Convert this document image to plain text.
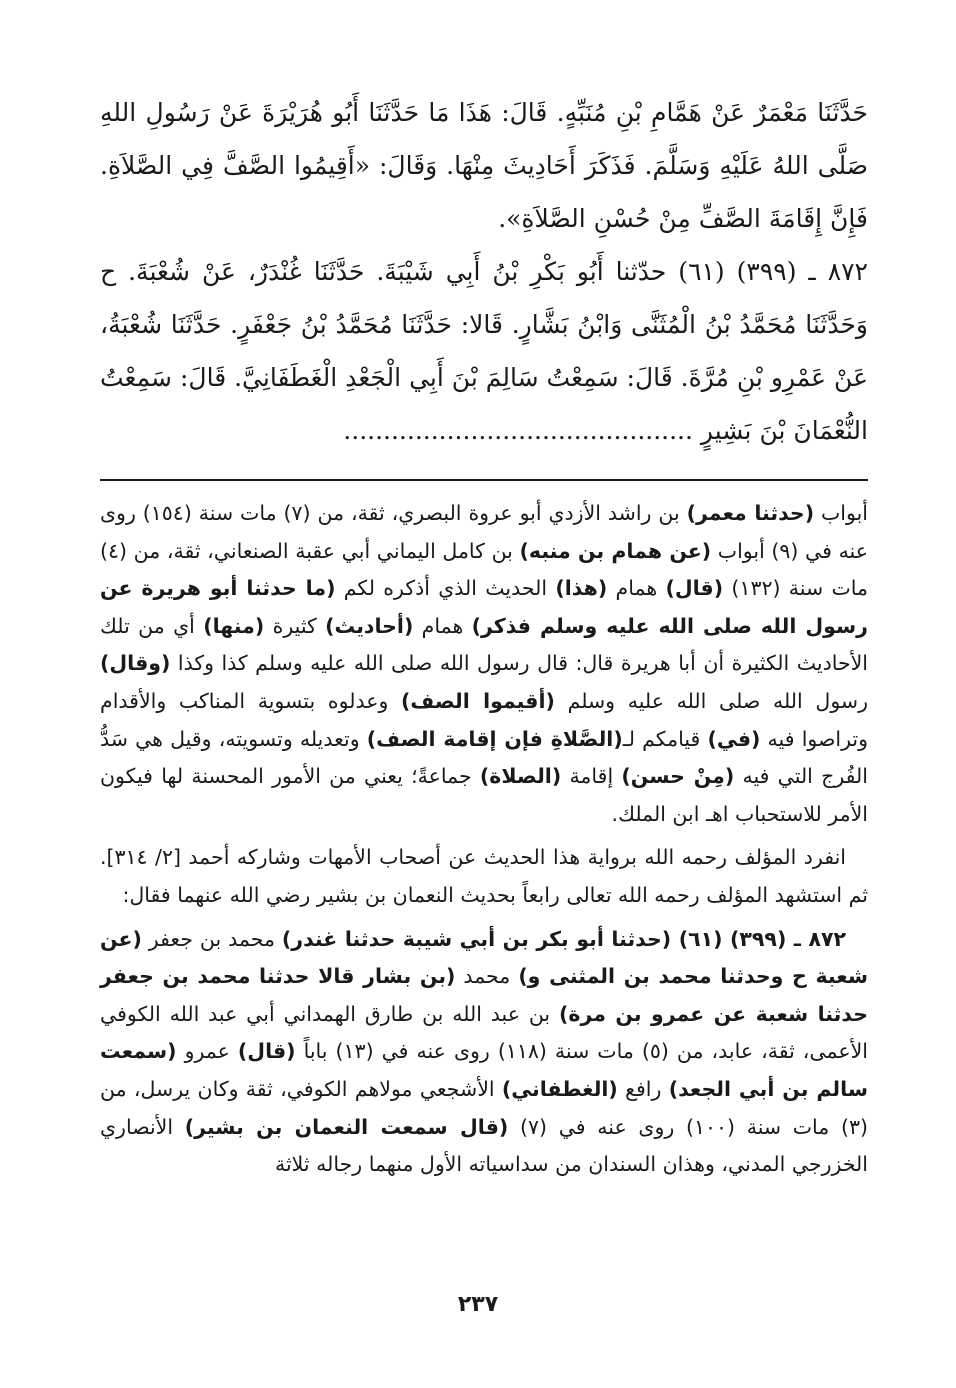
حَدَّثَنَا مَعْمَرٌ عَنْ هَمَّامِ بْنِ مُنَبِّهٍ. قَالَ: هَذَا مَا حَدَّثَنَا أَبُو هُرَيْرَةَ عَنْ رَسُولِ اللهِ صَلَّى اللهُ عَلَيْهِ وَسَلَّمَ. فَذَكَرَ أَحَادِيثَ مِنْهَا. وَقَالَ: «أَقِيمُوا الصَّفَّ فِي الصَّلاَةِ. فَإِنَّ إِقَامَةَ الصَّفِّ مِنْ حُسْنِ الصَّلاَةِ».

٨٧٢ ـ (٣٩٩) (٦١) حدّثنا أَبُو بَكْرِ بْنُ أَبِي شَيْبَةَ. حَدَّثَنَا غُنْدَرٌ، عَنْ شُعْبَةَ. ح وَحَدَّثَنَا مُحَمَّدُ بْنُ الْمُثَنَّى وَابْنُ بَشَّارٍ. قَالا: حَدَّثَنَا مُحَمَّدُ بْنُ جَعْفَرٍ. حَدَّثَنَا شُعْبَةُ، عَنْ عَمْرِو بْنِ مُرَّةَ. قَالَ: سَمِعْتُ سَالِمَ بْنَ أَبِي الْجَعْدِ الْغَطَفَانِيَّ. قَالَ: سَمِعْتُ النُّعْمَانَ بْنَ بَشِيرٍ ............................................

أبواب (حدثنا معمر) بن راشد الأزدي أبو عروة البصري، ثقة، من (٧) مات سنة (١٥٤) روى عنه في (٩) أبواب (عن همام بن منبه) بن كامل اليماني أبي عقبة الصنعاني، ثقة، من (٤) مات سنة (١٣٢) (قال) همام (هذا) الحديث الذي أذكره لكم (ما حدثنا أبو هريرة عن رسول الله صلى الله عليه وسلم فذكر) همام (أحاديث) كثيرة (منها) أي من تلك الأحاديث الكثيرة أن أبا هريرة قال: قال رسول الله صلى الله عليه وسلم كذا وكذا (وقال) رسول الله صلى الله عليه وسلم (أقيموا الصف) وعدلوه بتسوية المناكب والأقدام وتراصوا فيه (في) قيامكم لـ(الصَّلاةِ فإن إقامة الصف) وتعديله وتسويته، وقيل هي سَدُّ الفُرج التي فيه (مِنْ حسن) إقامة (الصلاة) جماعةً؛ يعني من الأمور المحسنة لها فيكون الأمر للاستحباب اهـ ابن الملك.

انفرد المؤلف رحمه الله برواية هذا الحديث عن أصحاب الأمهات وشاركه أحمد [٢/ ٣١٤]. ثم استشهد المؤلف رحمه الله تعالى رابعاً بحديث النعمان بن بشير رضي الله عنهما فقال:

٨٧٢ ـ (٣٩٩) (٦١) (حدثنا أبو بكر بن أبي شيبة حدثنا غندر) محمد بن جعفر (عن شعبة ح وحدثنا محمد بن المثنى و) محمد (بن بشار قالا حدثنا محمد بن جعفر حدثنا شعبة عن عمرو بن مرة) بن عبد الله بن طارق الهمداني أبي عبد الله الكوفي الأعمى، ثقة، عابد، من (٥) مات سنة (١١٨) روى عنه في (١٣) باباً (قال) عمرو (سمعت سالم بن أبي الجعد) رافع (الغطفاني) الأشجعي مولاهم الكوفي، ثقة وكان يرسل، من (٣) مات سنة (١٠٠) روى عنه في (٧) (قال سمعت النعمان بن بشير) الأنصاري الخزرجي المدني، وهذان السندان من سداسياته الأول منهما رجاله ثلاثة

٢٣٧
